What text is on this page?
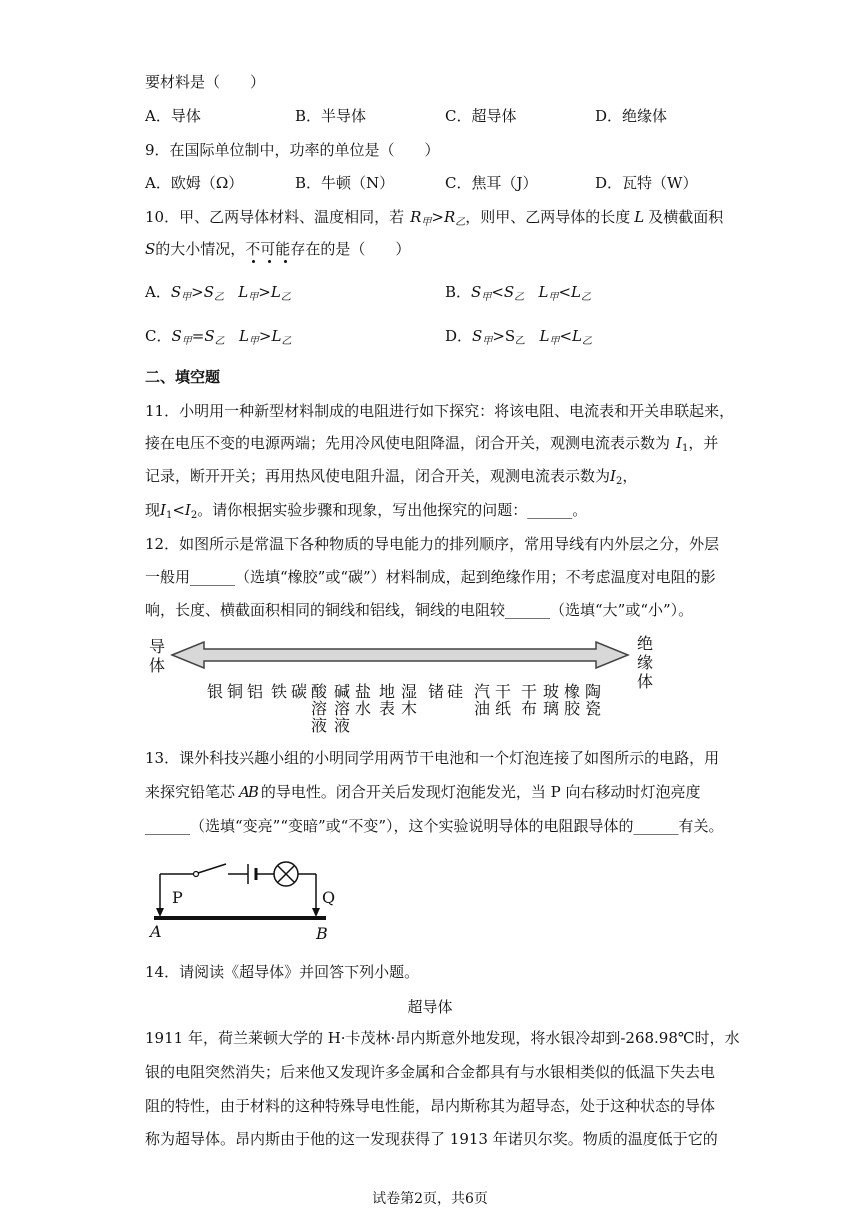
要材料是（　　）
A．导体	B．半导体	C．超导体	D．绝缘体
9．在国际单位制中，功率的单位是（　　）
A．欧姆（Ω）	B．牛顿（N）	C．焦耳（J）	D．瓦特（W）
10．甲、乙两导体材料、温度相同，若 $R_甲>R_乙$，则甲、乙两导体的长度 L 及横截面积
S的大小情况，不可能存在的是（　　）
A．$S_甲>S_乙$ $L_甲>L_乙$	B．$S_甲<S_乙$ $L_甲<L_乙$
C．$S_甲=S_乙$ $L_甲>L_乙$	D．$S_甲>S_乙$ $L_甲<L_乙$
二、填空题
11．小明用一种新型材料制成的电阻进行如下探究：将该电阻、电流表和开关串联起来，
接在电压不变的电源两端；先用冷风使电阻降温，闭合开关，观测电流表示数为 $I_1$，并
记录，断开开关；再用热风使电阻升温，闭合开关，观测电流表示数为$I_2$，
现$I_1<I_2$。请你根据实验步骤和现象，写出他探究的问题：______。
12．如图所示是常温下各种物质的导电能力的排列顺序，常用导线有内外层之分，外层
一般用______（选填“橡胶”或“碳”）材料制成，起到绝缘作用；不考虑温度对电阻的影
响，长度、横截面积相同的铜线和铝线，铜线的电阻较______（选填“大”或“小”）。
导体
绝缘体
银 铜 铝 铁 碳 酸溶液
碱溶液
盐水
地表
湿木
锗 硅 汽油
干纸
干布
玻璃
橡胶
陶瓷
13．课外科技兴趣小组的小明同学用两节干电池和一个灯泡连接了如图所示的电路，用
来探究铅笔芯 AB 的导电性。闭合开关后发现灯泡能发光，当 P 向右移动时灯泡亮度
______（选填“变亮”“变暗”或“不变”），这个实验说明导体的电阻跟导体的______有关。
P	Q
A	B
14．请阅读《超导体》并回答下列小题。
超导体
1911 年，荷兰莱顿大学的 H·卡茂林·昂内斯意外地发现，将水银冷却到-268.98℃时，水
银的电阻突然消失；后来他又发现许多金属和合金都具有与水银相类似的低温下失去电
阻的特性，由于材料的这种特殊导电性能，昂内斯称其为超导态，处于这种状态的导体
称为超导体。昂内斯由于他的这一发现获得了 1913 年诺贝尔奖。物质的温度低于它的
试卷第2页，共6页
